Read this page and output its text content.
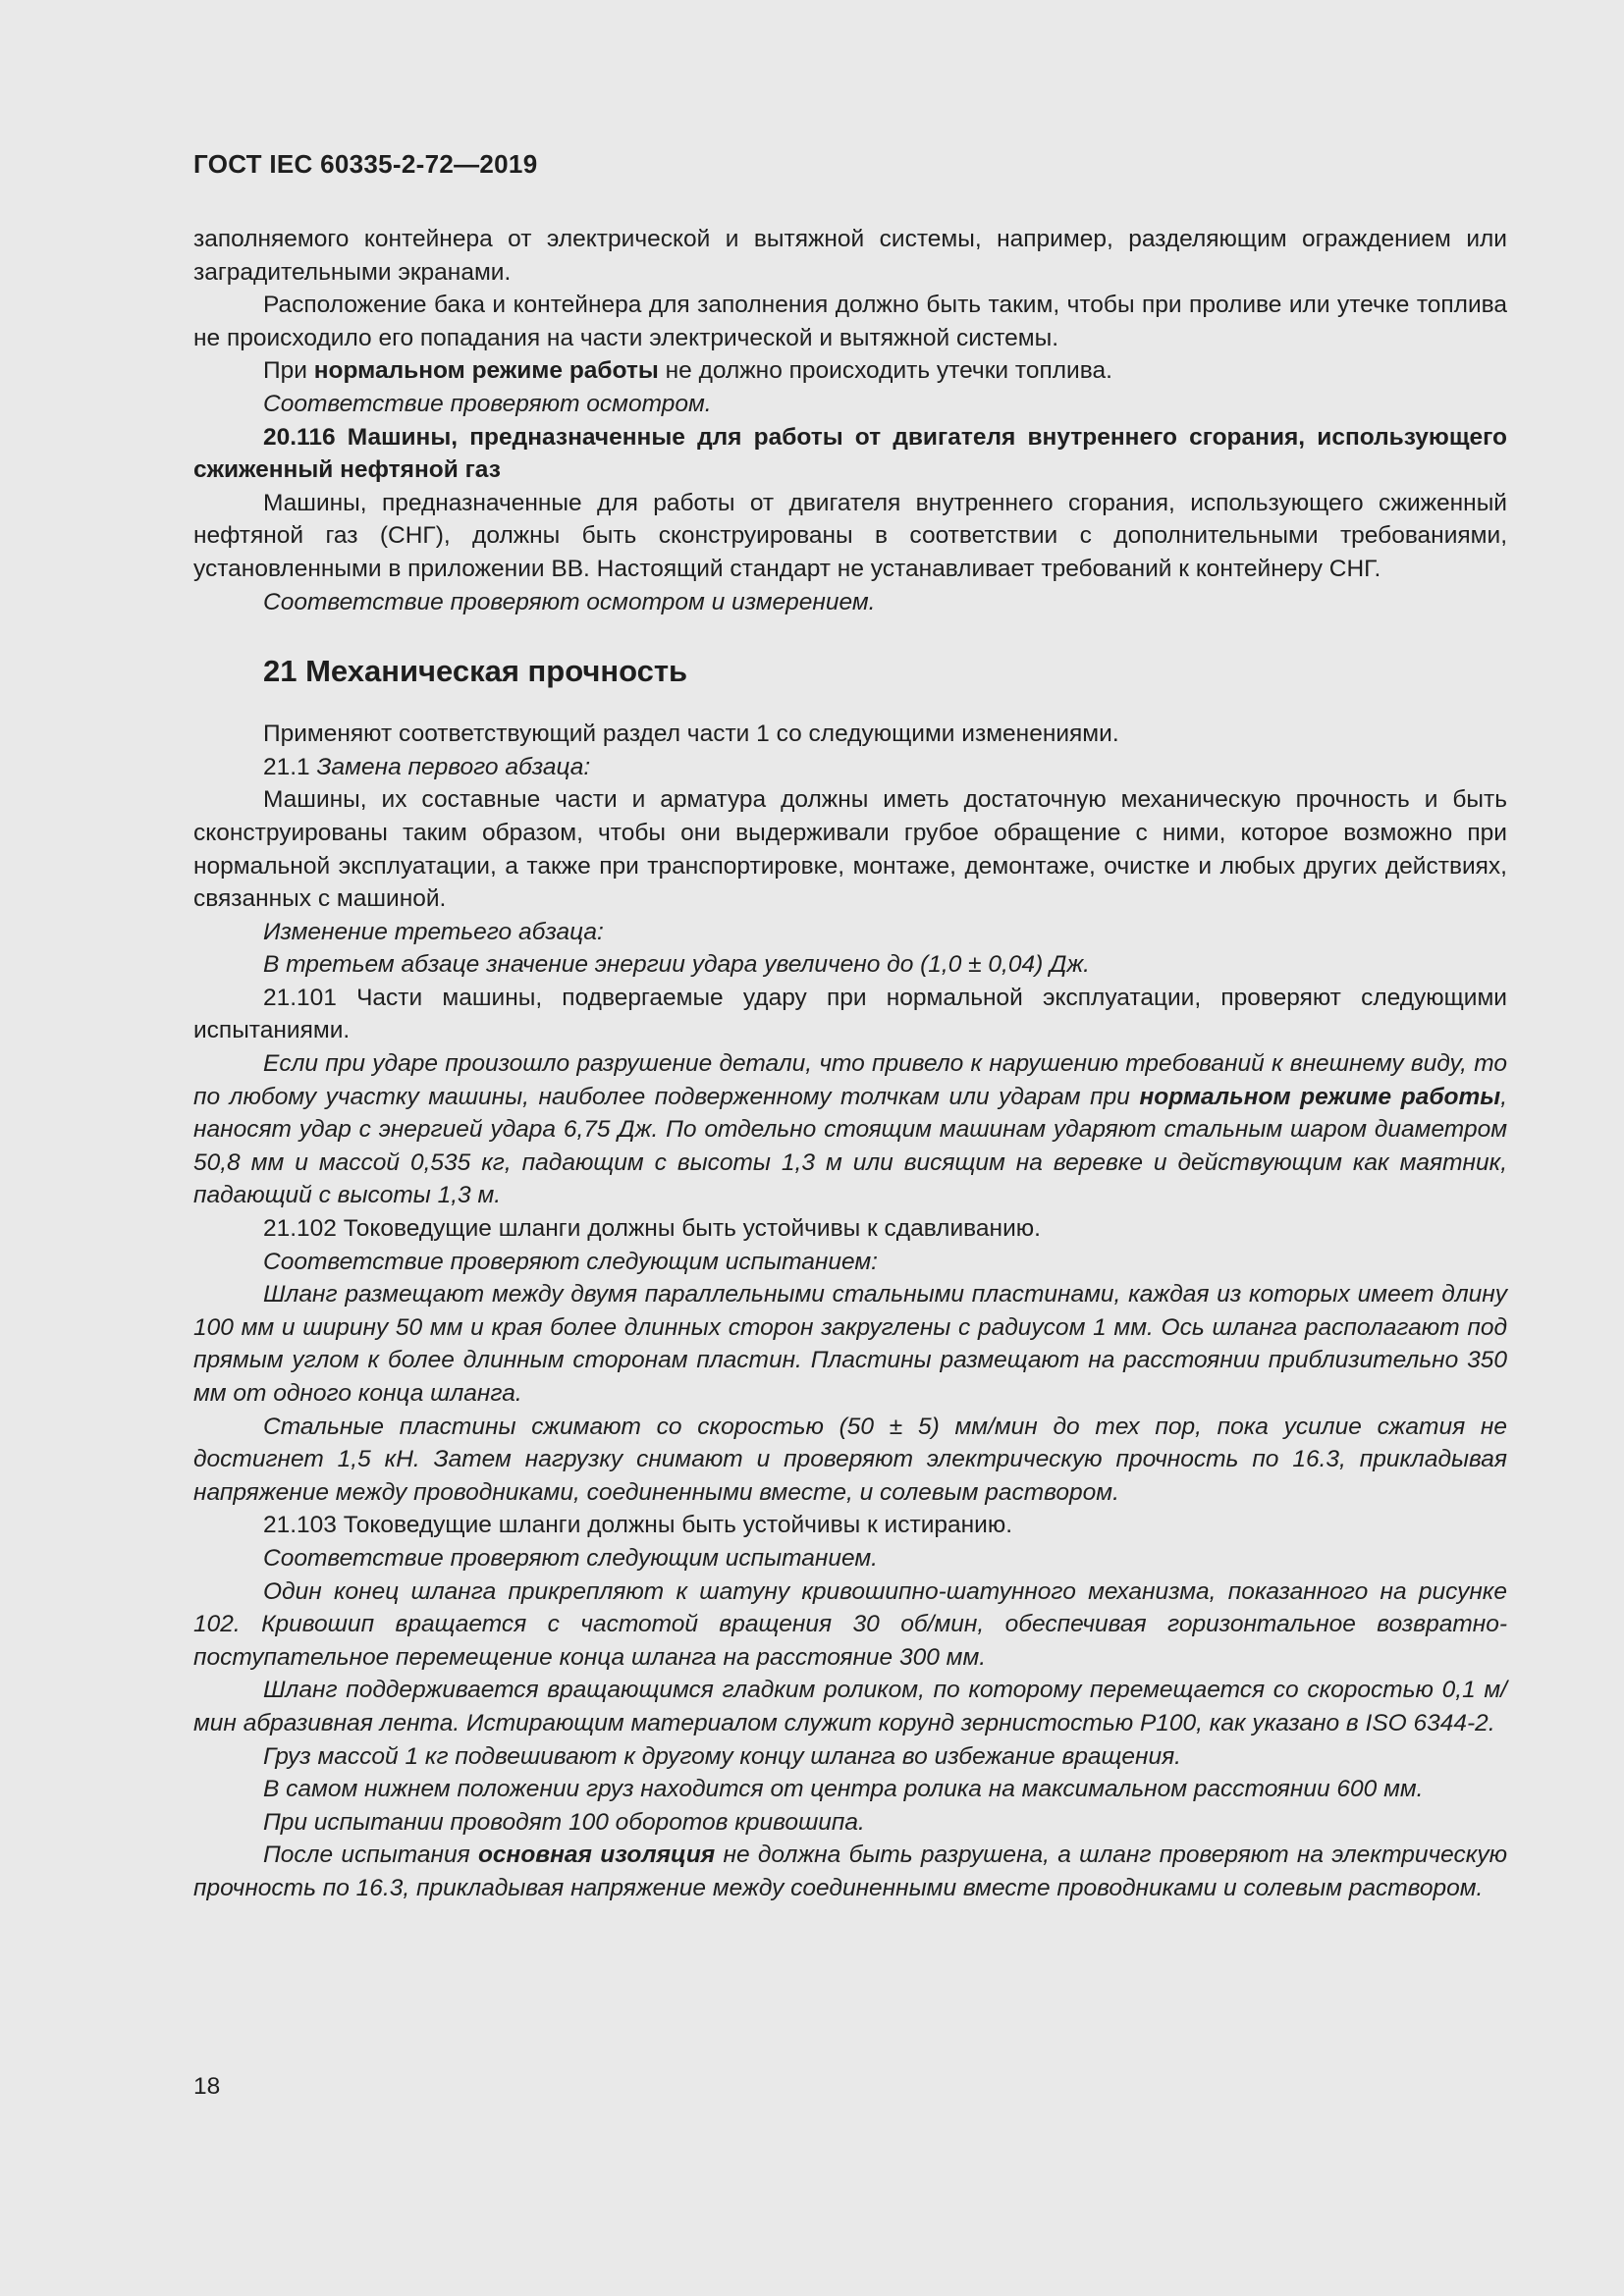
ГОСТ IEC 60335-2-72—2019

заполняемого контейнера от электрической и вытяжной системы, например, разделяющим ограждением или заградительными экранами.

Расположение бака и контейнера для заполнения должно быть таким, чтобы при проливе или утечке топлива не происходило его попадания на части электрической и вытяжной системы.

При нормальном режиме работы не должно происходить утечки топлива.

Соответствие проверяют осмотром.

20.116 Машины, предназначенные для работы от двигателя внутреннего сгорания, использующего сжиженный нефтяной газ

Машины, предназначенные для работы от двигателя внутреннего сгорания, использующего сжиженный нефтяной газ (СНГ), должны быть сконструированы в соответствии с дополнительными требованиями, установленными в приложении ВВ. Настоящий стандарт не устанавливает требований к контейнеру СНГ.

Соответствие проверяют осмотром и измерением.

21 Механическая прочность

Применяют соответствующий раздел части 1 со следующими изменениями.

21.1 Замена первого абзаца:

Машины, их составные части и арматура должны иметь достаточную механическую прочность и быть сконструированы таким образом, чтобы они выдерживали грубое обращение с ними, которое возможно при нормальной эксплуатации, а также при транспортировке, монтаже, демонтаже, очистке и любых других действиях, связанных с машиной.

Изменение третьего абзаца:

В третьем абзаце значение энергии удара увеличено до (1,0 ± 0,04) Дж.

21.101 Части машины, подвергаемые удару при нормальной эксплуатации, проверяют следующими испытаниями.

Если при ударе произошло разрушение детали, что привело к нарушению требований к внешнему виду, то по любому участку машины, наиболее подверженному толчкам или ударам при нормальном режиме работы, наносят удар с энергией удара 6,75 Дж. По отдельно стоящим машинам ударяют стальным шаром диаметром 50,8 мм и массой 0,535 кг, падающим с высоты 1,3 м или висящим на веревке и действующим как маятник, падающий с высоты 1,3 м.

21.102 Токоведущие шланги должны быть устойчивы к сдавливанию.

Соответствие проверяют следующим испытанием:

Шланг размещают между двумя параллельными стальными пластинами, каждая из которых имеет длину 100 мм и ширину 50 мм и края более длинных сторон закруглены с радиусом 1 мм. Ось шланга располагают под прямым углом к более длинным сторонам пластин. Пластины размещают на расстоянии приблизительно 350 мм от одного конца шланга.

Стальные пластины сжимают со скоростью (50 ± 5) мм/мин до тех пор, пока усилие сжатия не достигнет 1,5 кН. Затем нагрузку снимают и проверяют электрическую прочность по 16.3, прикладывая напряжение между проводниками, соединенными вместе, и солевым раствором.

21.103 Токоведущие шланги должны быть устойчивы к истиранию.

Соответствие проверяют следующим испытанием.

Один конец шланга прикрепляют к шатуну кривошипно-шатунного механизма, показанного на рисунке 102. Кривошип вращается с частотой вращения 30 об/мин, обеспечивая горизонтальное возвратно-поступательное перемещение конца шланга на расстояние 300 мм.

Шланг поддерживается вращающимся гладким роликом, по которому перемещается со скоростью 0,1 м/мин абразивная лента. Истирающим материалом служит корунд зернистостью Р100, как указано в ISO 6344-2.

Груз массой 1 кг подвешивают к другому концу шланга во избежание вращения.

В самом нижнем положении груз находится от центра ролика на максимальном расстоянии 600 мм.

При испытании проводят 100 оборотов кривошипа.

После испытания основная изоляция не должна быть разрушена, а шланг проверяют на электрическую прочность по 16.3, прикладывая напряжение между соединенными вместе проводниками и солевым раствором.

18
